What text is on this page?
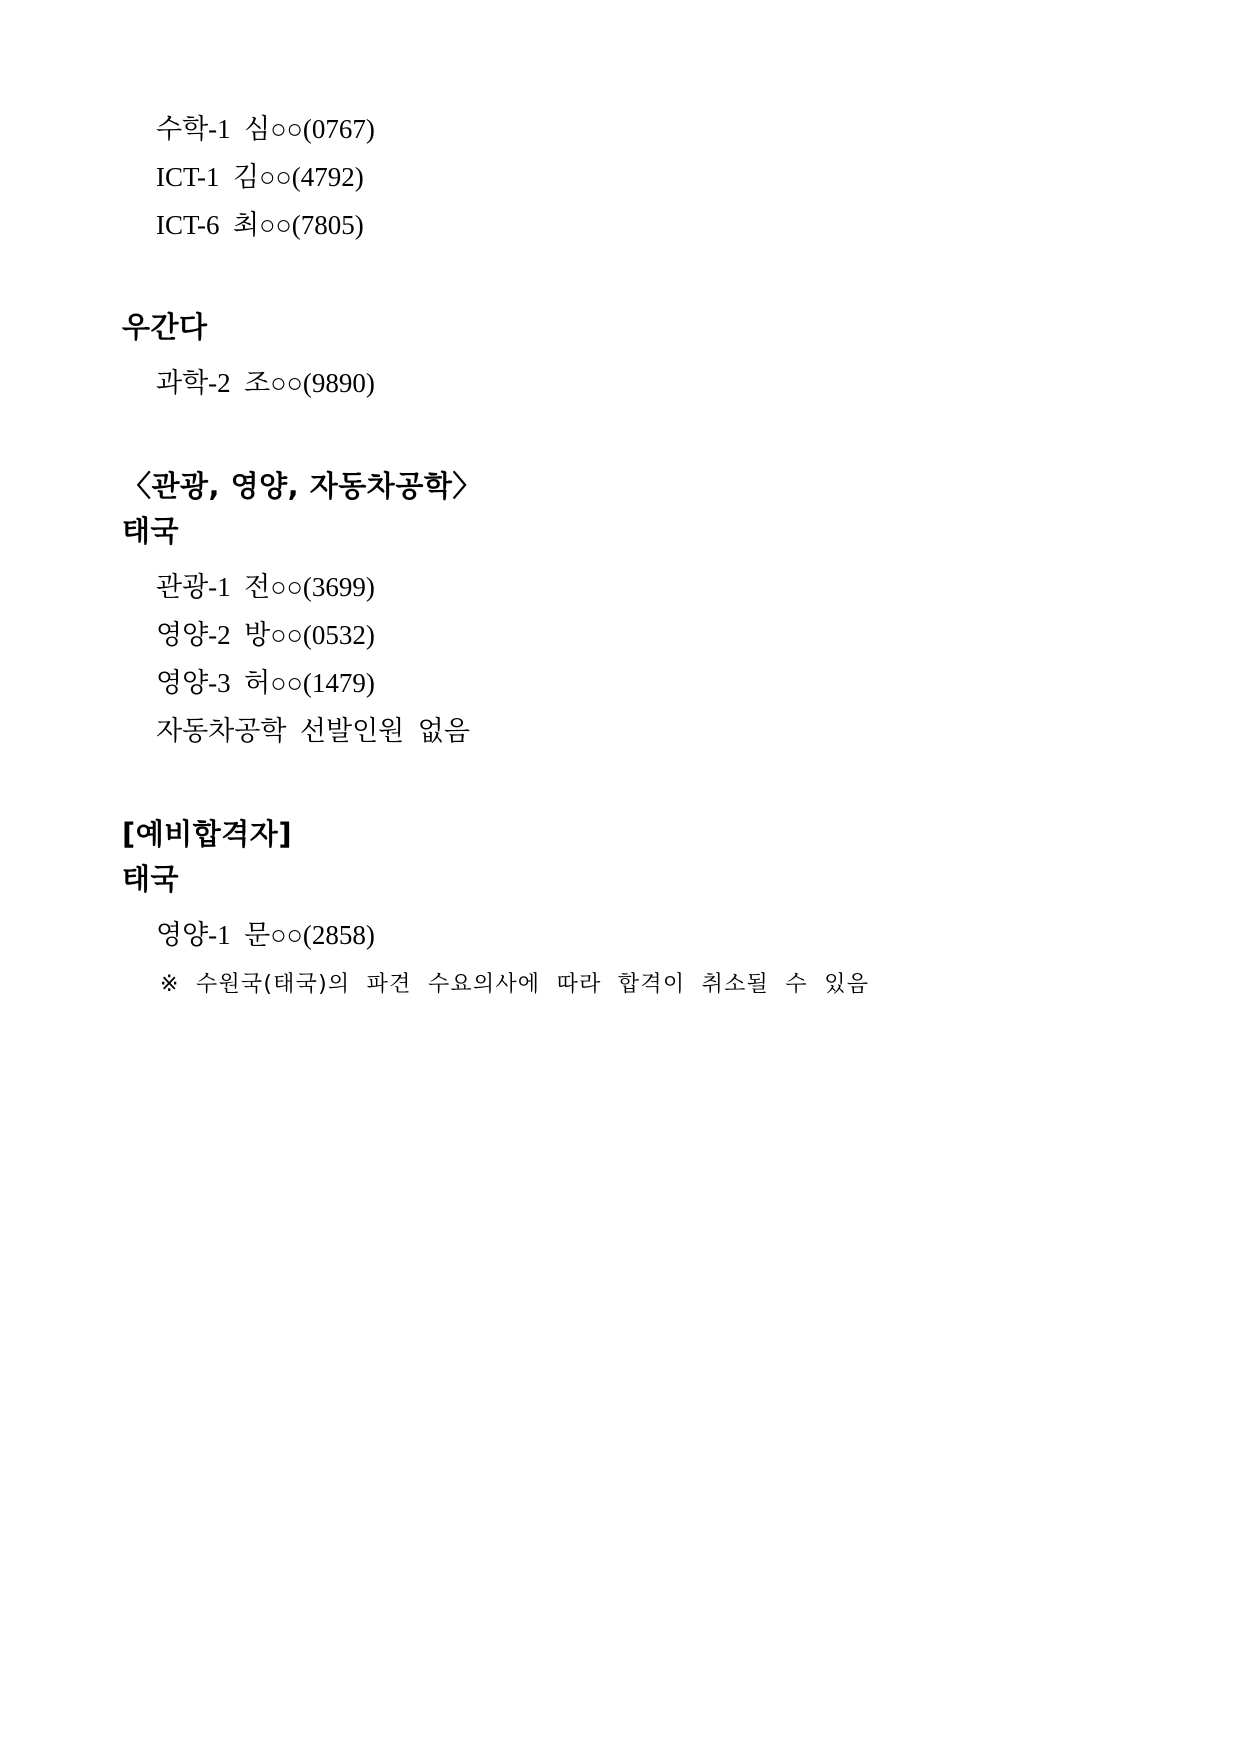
수학-1  심○○(0767)
ICT-1  김○○(4792)
ICT-6  최○○(7805)
우간다
과학-2  조○○(9890)
〈관광, 영양, 자동차공학〉
태국
관광-1  전○○(3699)
영양-2  방○○(0532)
영양-3  허○○(1479)
자동차공학  선발인원  없음
[예비합격자]
태국
영양-1  문○○(2858)
※  수원국(태국)의  파견  수요의사에  따라  합격이  취소될  수  있음
